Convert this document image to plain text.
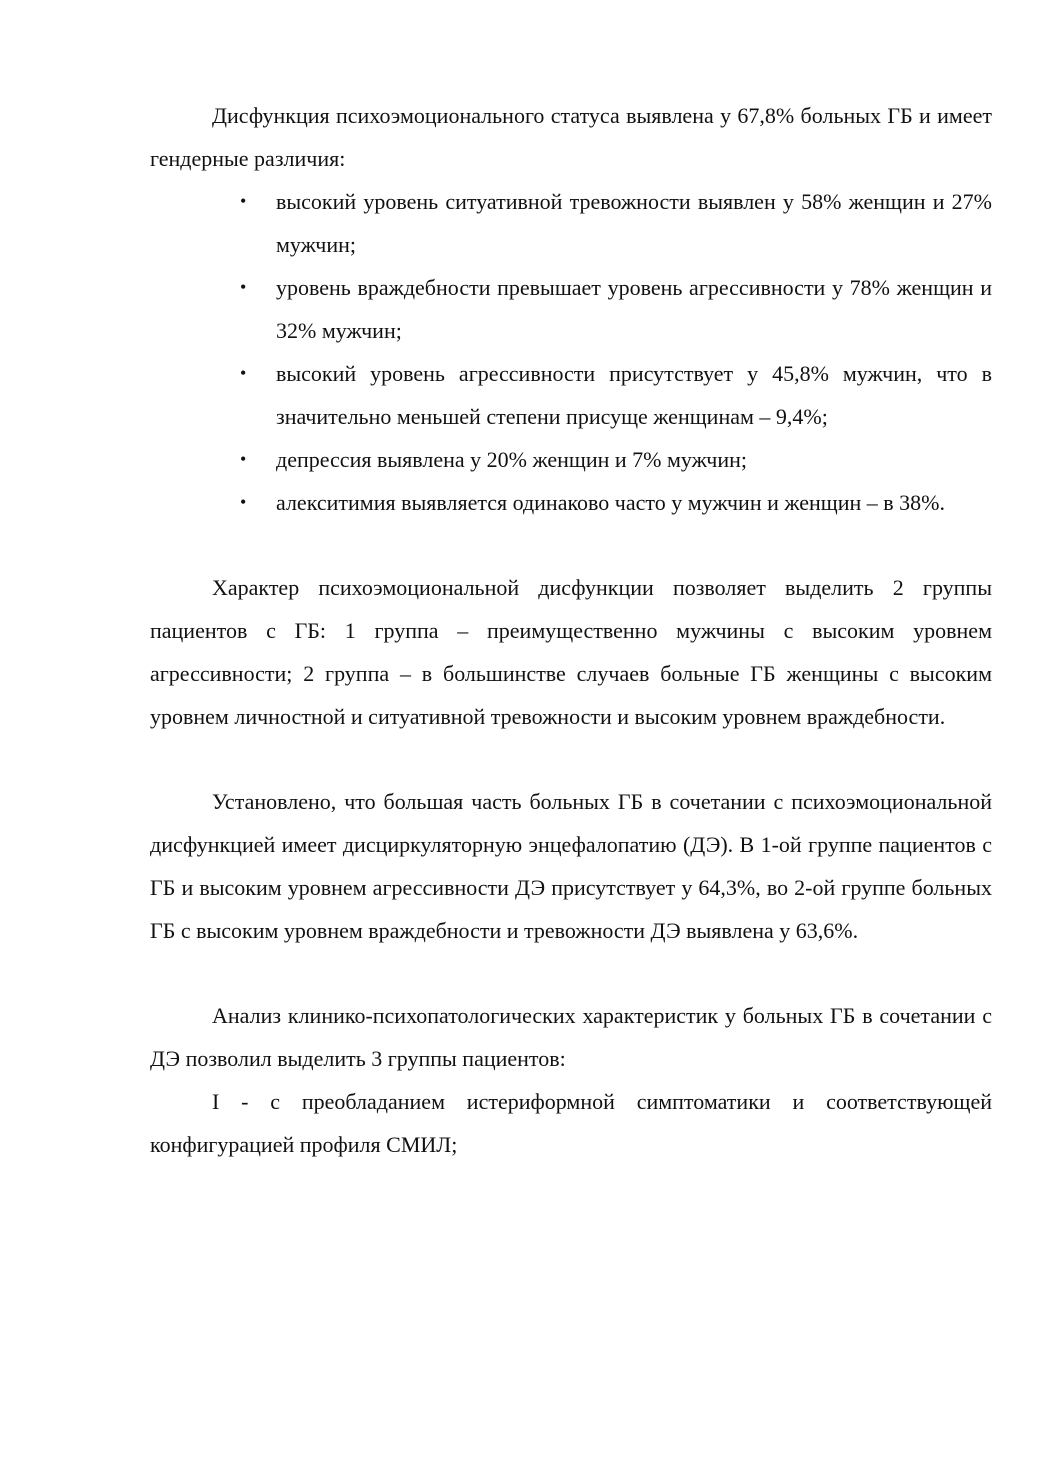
Дисфункция психоэмоционального статуса выявлена у 67,8% больных ГБ и имеет гендерные различия:

• высокий уровень ситуативной тревожности выявлен у 58% женщин и 27% мужчин;
• уровень враждебности превышает уровень агрессивности у 78% женщин и 32% мужчин;
• высокий уровень агрессивности присутствует у 45,8% мужчин, что в значительно меньшей степени присуще женщинам – 9,4%;
• депрессия выявлена у 20% женщин и 7% мужчин;
• алекситимия выявляется одинаково часто у мужчин и женщин – в 38%.

Характер психоэмоциональной дисфункции позволяет выделить 2 группы пациентов с ГБ: 1 группа – преимущественно мужчины с высоким уровнем агрессивности; 2 группа – в большинстве случаев больные ГБ женщины с высоким уровнем личностной и ситуативной тревожности и высоким уровнем враждебности.

Установлено, что большая часть больных ГБ в сочетании с психоэмоциональной дисфункцией имеет дисциркуляторную энцефалопатию (ДЭ). В 1-ой группе пациентов с ГБ и высоким уровнем агрессивности ДЭ присутствует у 64,3%, во 2-ой группе больных ГБ с высоким уровнем враждебности и тревожности ДЭ выявлена у 63,6%.

Анализ клинико-психопатологических характеристик у больных ГБ в сочетании с ДЭ позволил выделить 3 группы пациентов:

I - с преобладанием истериформной симптоматики и соответствующей конфигурацией профиля СМИЛ;
